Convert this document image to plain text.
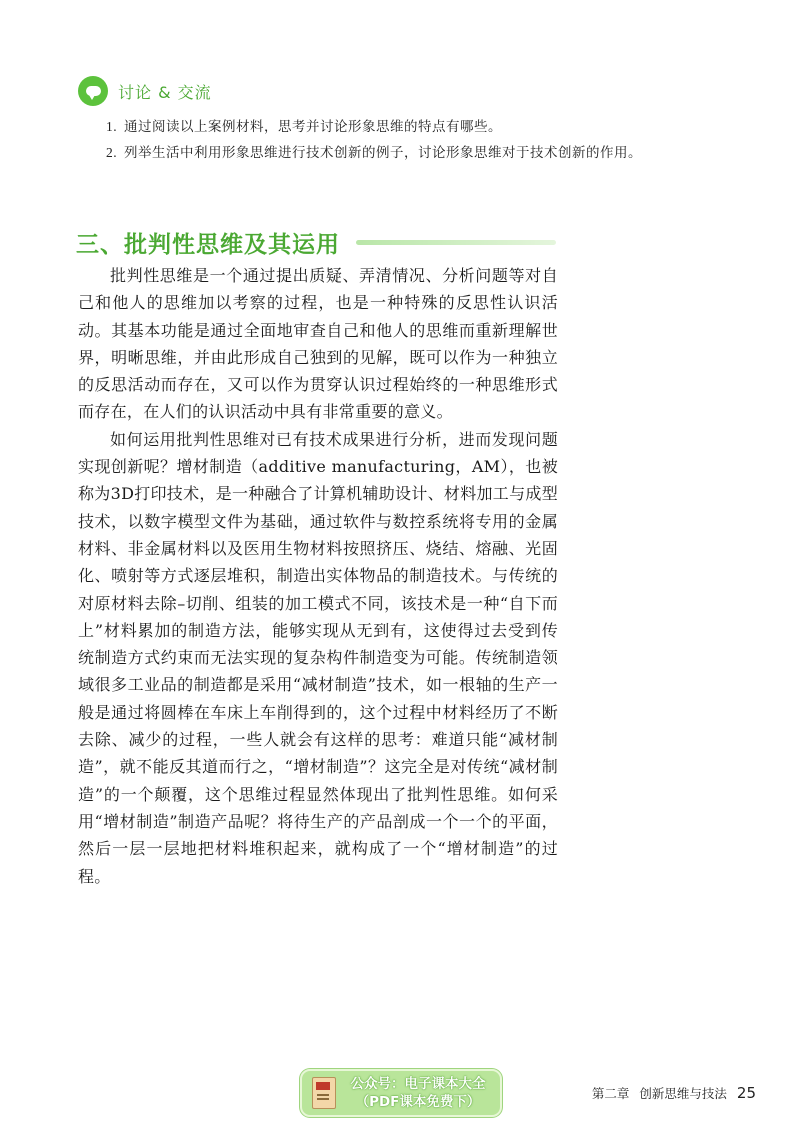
讨论 & 交流
1. 通过阅读以上案例材料，思考并讨论形象思维的特点有哪些。
2. 列举生活中利用形象思维进行技术创新的例子，讨论形象思维对于技术创新的作用。
三、批判性思维及其运用

批判性思维是一个通过提出质疑、弄清情况、分析问题等对自己和他人的思维加以考察的过程，也是一种特殊的反思性认识活动。其基本功能是通过全面地审查自己和他人的思维而重新理解世界，明晰思维，并由此形成自己独到的见解，既可以作为一种独立的反思活动而存在，又可以作为贯穿认识过程始终的一种思维形式而存在，在人们的认识活动中具有非常重要的意义。

如何运用批判性思维对已有技术成果进行分析，进而发现问题实现创新呢？增材制造（additive manufacturing，AM），也被称为3D打印技术，是一种融合了计算机辅助设计、材料加工与成型技术，以数字模型文件为基础，通过软件与数控系统将专用的金属材料、非金属材料以及医用生物材料按照挤压、烧结、熔融、光固化、喷射等方式逐层堆积，制造出实体物品的制造技术。与传统的对原材料去除–切削、组装的加工模式不同，该技术是一种“自下而上”材料累加的制造方法，能够实现从无到有，这使得过去受到传统制造方式约束而无法实现的复杂构件制造变为可能。传统制造领域很多工业品的制造都是采用“减材制造”技术，如一根轴的生产一般是通过将圆棒在车床上车削得到的，这个过程中材料经历了不断去除、减少的过程，一些人就会有这样的思考：难道只能“减材制造”，就不能反其道而行之，“增材制造”？这完全是对传统“减材制造”的一个颠覆，这个思维过程显然体现出了批判性思维。如何采用“增材制造”制造产品呢？将待生产的产品剖成一个一个的平面，然后一层一层地把材料堆积起来，就构成了一个“增材制造”的过程。

公众号：电子课本大全
（PDF课本免费下）
第二章 创新思维与技法 25
